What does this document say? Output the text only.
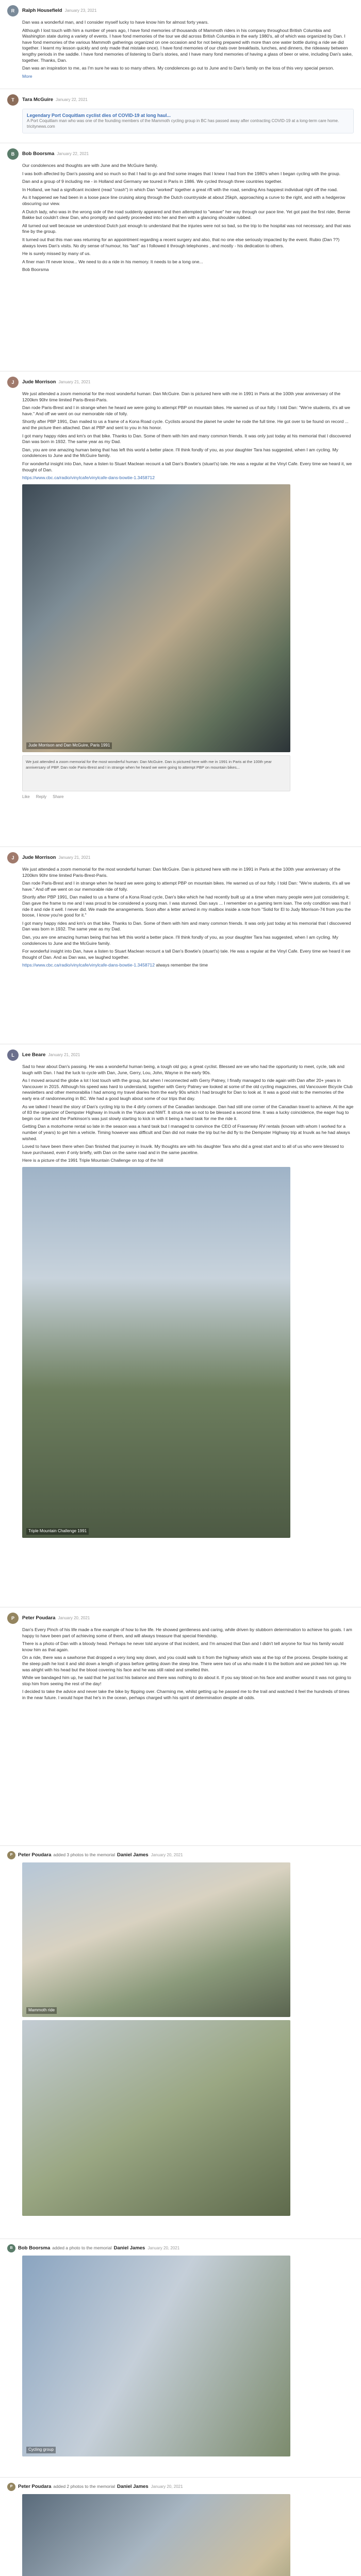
R	Ralph Housefield January 23, 2021

Dan was a wonderful man, and I consider myself lucky to have know him for almost forty years.

Although I lost touch with him a number of years ago, I have fond memories of thousands of Mammoth riders in his company throughout British Columbia and Washington state during a variety of events. I have fond memories of the tour we did across British Columbia in the early 1980's, all of which was organized by Dan. I have fond memories of the various Mammoth gatherings organized on one occasion and for not being prepared with more than one water bottle during a ride we did together. I learnt my lesson quickly and only made that mistake once). I have fond memories of our chats over breakfasts, lunches, and dinners, the rideaway between lengthy periods in the saddle. I have fond memories of listening to Dan's stories, and I have many fond memories of having a glass of beer or wine, including Dan's sake, together. Thanks, Dan.

Dan was an inspiration to me, as I'm sure he was to so many others. My condolences go out to June and to Dan's family on the loss of this very special person.

More
T	Tara McGuire January 22, 2021
Legendary Port Coquitlam cyclist dies of COVID-19 at long haul...
A Port Coquitlam man who was one of the founding members of the Mammoth cycling group in BC has passed away after contracting COVID-19 at a long-term care home.
tricitynews.com
B	Bob Boorsma January 22, 2021

Our condolences and thoughts are with June and the McGuire family.

I was both affected by Dan's passing and so much so that I had to go and find some images that I knew I had from the 1980's when I began cycling with the group.

Dan and a group of 9 including me - in Holland and Germany we toured in Paris in 1986. We cycled through three countries together.

In Holland, we had a significant incident (read "crash") in which Dan "worked" together a great rift with the road, sending Ans happiest individual right off the road.

As it happened we had been in a loose pace line cruising along through the Dutch countryside at about 25kph, approaching a curve to the right, and with a hedgerow obscuring our view.

A Dutch lady, who was in the wrong side of the road suddenly appeared and then attempted to "weave" her way through our pace line. Yet got past the first rider, Bernie Bakke but couldn't clear Dan, who promptly and quietly proceeded into her and then with a glancing shoulder rubbed.

All turned out well because we understood Dutch just enough to understand that the injuries were not so bad, so the trip to the hospital was not necessary, and that was fine by the group.

It turned out that this man was returning for an appointment regarding a recent surgery and also, that no one else seriously impacted by the event. Rubio (Dan ??) always loves Dan's visits. No dry sense of humour, his "last" as I followed it through telephones , and mostly - his dedication to others.

He is surely missed by many of us.

A finer man I'll never know... We need to do a ride in his memory. It needs to be a long one...

Bob Boorsma
J	Jude Morrison January 21, 2021

We just attended a zoom memorial for the most wonderful human: Dan McGuire. Dan is pictured here with me in 1991 in Paris at the 100th year anniversary of the 1200km 90hr time limited Paris-Brest-Paris.

Dan rode Paris-Brest and I in strange when he heard we were going to attempt PBP on mountain bikes. He warned us of our folly. I told Dan: "We're students, it's all we have." And off we went on our memorable ride of folly.

Shortly after PBP 1991, Dan mailed to us a frame of a Kona Road cycle. Cyclists around the planet he under he rode the full time. He got over to be found on record ... and the picture then attached. Dan at PBP and sent to you in his honor.

I got many happy rides and km's on that bike. Thanks to Dan. Some of them with him and many common friends. It was only just today at his memorial that I discovered Dan was born in 1932. The same year as my Dad.

Dan, you are one amazing human being that has left this world a better place. I'll think fondly of you, as your daughter Tara has suggested, when I am cycling. My condolences to June and the McGuire family.

For wonderful insight into Dan, have a listen to Stuart Maclean recount a tall Dan's Bowtie's (stuart's) tale. He was a regular at the Vinyl Cafe. Every time we heard it, we thought of Dan.

https://www.cbc.ca/radio/vinylcafe/vinylcafe-dans-bowtie-1.3458712
Jude Morrison and Dan McGuire, Paris 1991
We just attended a zoom memorial for the most wonderful human: Dan McGuire. Dan is pictured here with me in 1991 in Paris at the 100th year anniversary of PBP. Dan rode Paris-Brest and I in strange when he heard we were going to attempt PBP on mountain bikes...
Like Reply Share
J	Jude Morrison January 21, 2021

We just attended a zoom memorial for the most wonderful human: Dan McGuire. Dan is pictured here with me in 1991 in Paris at the 100th year anniversary of the 1200km 90hr time limited Paris-Brest-Paris.

Dan rode Paris-Brest and I in strange when he heard we were going to attempt PBP on mountain bikes. He warned us of our folly. I told Dan: "We're students, it's all we have." And off we went on our memorable ride of folly.

Shortly after PBP 1991, Dan mailed to us a frame of a Kona Road cycle, Dan's bike which he had recently built up at a time when many people were just considering it; Dan gave the frame to me and I was proud to be considered a young man. I was stunned. Dan says ... I remember on a gaming term loan. The only condition was that I ride it and ride it well. I never did. We made the arrangements. Soon after a letter arrived in my mailbox inside a note from "Solid for El to Judy Morrison-74 from you the boose, I know you're good for it."

I got many happy rides and km's on that bike. Thanks to Dan. Some of them with him and many common friends. It was only just today at his memorial that I discovered Dan was born in 1932. The same year as my Dad.

Dan, you are one amazing human being that has left this world a better place. I'll think fondly of you, as your daughter Tara has suggested, when I am cycling. My condolences to June and the McGuire family.

For wonderful insight into Dan, have a listen to Stuart Maclean recount a tall Dan's Bowtie's (stuart's) tale. He was a regular at the Vinyl Cafe. Every time we heard it we thought of Dan. And as Dan was, we laughed together.

https://www.cbc.ca/radio/vinylcafe/vinylcafe-dans-bowtie-1.3458712 always remember the time

L	Lee Beare January 21, 2021

Sad to hear about Dan's passing. He was a wonderful human being, a tough old guy, a great cyclist. Blessed are we who had the opportunity to meet, cycle, talk and laugh with Dan. I had the luck to cycle with Dan, June, Gerry, Lou, John, Wayne in the early 90s.

As I moved around the globe a lot I lost touch with the group, but when I reconnected with Gerry Patney, I finally managed to ride again with Dan after 20+ years in Vancouver in 2015. Although his speed was hard to understand, together with Gerry Patney we looked at some of the old cycling magazines, old Vancouver Bicycle Club newsletters and other memorabilia I had among my travel diaries from the early 90s which I had brought for Dan to look at. It was a good visit to the memories of the early era of randonneuring in BC. We had a good laugh about some of our trips that day.

As we talked I heard the story of Dan's cycling trip to the 4 dirty corners of the Canadian landscape. Dan had still one corner of the Canadian travel to achieve. At the age of 83 the organizer of Dempster Highway in Inuvik in the Yukon and NWT. It struck me so not to be blessed a second time. It was a lucky coincidence, the eager hug to begin our time and the Parkinson's was just slowly starting to kick in with it being a hard task for me the ride it.

Getting Dan a motorhome rental so late in the season was a hard task but I managed to convince the CEO of Fraserway RV rentals (known with whom I worked for a number of years) to get him a vehicle. Timing however was difficult and Dan did not make the trip but he did fly to the Dempster Highway trip at Inuvik as he had always wished.

Loved to have been there when Dan finished that journey in Inuvik. My thoughts are with his daughter Tara who did a great start and to all of us who were blessed to have purchased, even if only briefly, with Dan on the same road and in the same paceline.

Here is a picture of the 1991 Triple Mountain Challenge on top of the hill

Triple Mountain Challenge 1991
P	Peter Poudara January 20, 2021

Dan's Every Pinch of his life made a fine example of how to live life. He showed gentleness and caring, while driven by stubborn determination to achieve his goals. I am happy to have been part of achieving some of them, and will always treasure that special friendship.

There is a photo of Dan with a bloody head. Perhaps he never told anyone of that incident, and I'm amazed that Dan and I didn't tell anyone for four his family would know him as that again.

On a ride, there was a sawhorse that dropped a very long way down, and you could walk to it from the highway which was at the top of the process. Despite looking at the steep path he lost it and slid down a length of grass before getting down the steep line. There were two of us who made it to the bottom and we picked him up. He was alright with his head but the blood covering his face and he was still rated and smelled thin.

While we bandaged him up, he said that he just lost his balance and there was nothing to do about it. If you say blood on his face and another wound it was not going to stop him from seeing the rest of the day!

I decided to take the advice and never take the bike by flipping over. Charming me, whilst getting up he passed me to the trail and watched it feel the hundreds of times in the near future. I would hope that he's in the ocean, perhaps charged with his spirit of determination despite all odds.

P	Peter Poudara added 3 photos to the memorial Daniel James January 20, 2021
Mammoth ride
B	Bob Boorsma added a photo to the memorial Daniel James January 20, 2021
Cycling group
P	Peter Poudara added 2 photos to the memorial Daniel James January 20, 2021
